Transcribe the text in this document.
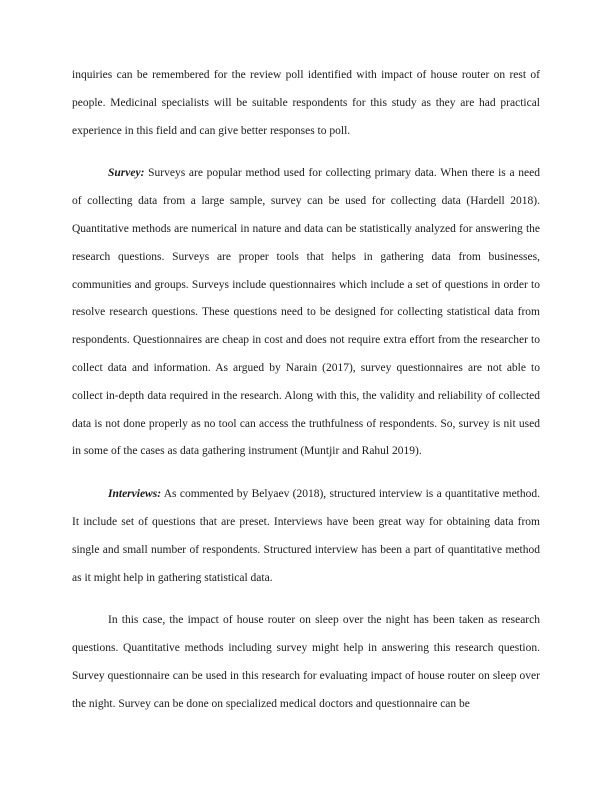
inquiries can be remembered for the review poll identified with impact of house router on rest of people. Medicinal specialists will be suitable respondents for this study as they are had practical experience in this field and can give better responses to poll.

Survey: Surveys are popular method used for collecting primary data. When there is a need of collecting data from a large sample, survey can be used for collecting data (Hardell 2018). Quantitative methods are numerical in nature and data can be statistically analyzed for answering the research questions. Surveys are proper tools that helps in gathering data from businesses, communities and groups. Surveys include questionnaires which include a set of questions in order to resolve research questions. These questions need to be designed for collecting statistical data from respondents. Questionnaires are cheap in cost and does not require extra effort from the researcher to collect data and information. As argued by Narain (2017), survey questionnaires are not able to collect in-depth data required in the research. Along with this, the validity and reliability of collected data is not done properly as no tool can access the truthfulness of respondents. So, survey is nit used in some of the cases as data gathering instrument (Muntjir and Rahul 2019).

Interviews: As commented by Belyaev (2018), structured interview is a quantitative method. It include set of questions that are preset. Interviews have been great way for obtaining data from single and small number of respondents. Structured interview has been a part of quantitative method as it might help in gathering statistical data.

In this case, the impact of house router on sleep over the night has been taken as research questions. Quantitative methods including survey might help in answering this research question. Survey questionnaire can be used in this research for evaluating impact of house router on sleep over the night. Survey can be done on specialized medical doctors and questionnaire can be
